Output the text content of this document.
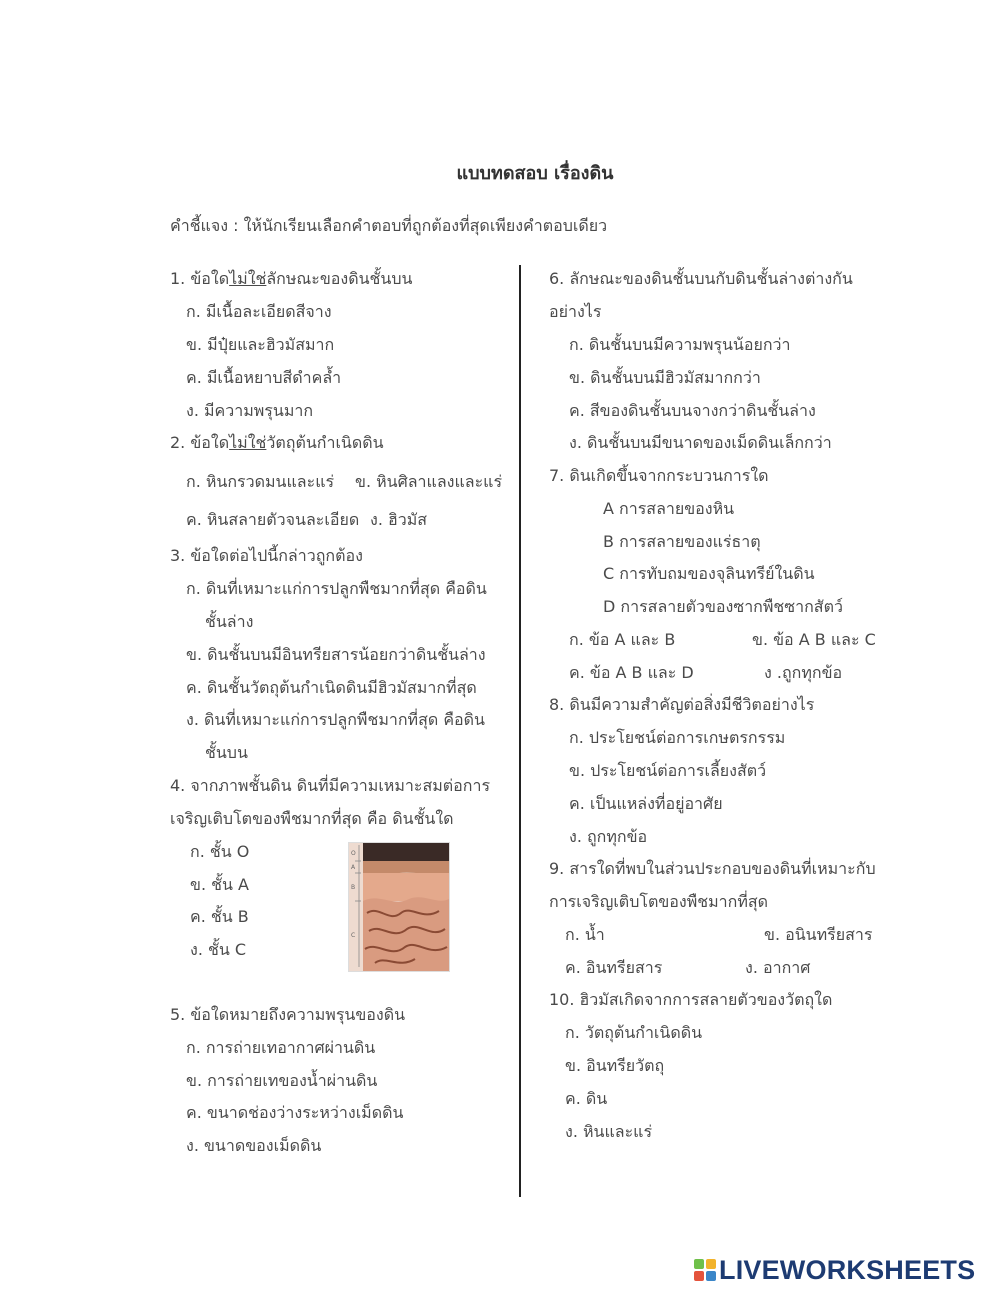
แบบทดสอบ เรื่องดิน
คำชี้แจง : ให้นักเรียนเลือกคำตอบที่ถูกต้องที่สุดเพียงคำตอบเดียว
1. ข้อใดไม่ใช่ลักษณะของดินชั้นบน
ก. มีเนื้อละเอียดสีจาง
ข. มีปุ๋ยและฮิวมัสมาก
ค. มีเนื้อหยาบสีดำคล้ำ
ง. มีความพรุนมาก
2. ข้อใดไม่ใช่วัตถุต้นกำเนิดดิน
ก. หินกรวดมนและแร่ ข. หินศิลาแลงและแร่
ค. หินสลายตัวจนละเอียด ง. ฮิวมัส
3. ข้อใดต่อไปนี้กล่าวถูกต้อง
ก. ดินที่เหมาะแก่การปลูกพืชมากที่สุด คือดิน
ชั้นล่าง
ข. ดินชั้นบนมีอินทรียสารน้อยกว่าดินชั้นล่าง
ค. ดินชั้นวัตถุต้นกำเนิดดินมีฮิวมัสมากที่สุด
ง. ดินที่เหมาะแก่การปลูกพืชมากที่สุด คือดิน
ชั้นบน
4. จากภาพชั้นดิน ดินที่มีความเหมาะสมต่อการ
เจริญเติบโตของพืชมากที่สุด คือ ดินชั้นใด
ก. ชั้น O
ข. ชั้น A
ค. ชั้น B
ง. ชั้น C
O
A
B
C
5. ข้อใดหมายถึงความพรุนของดิน
ก. การถ่ายเทอากาศผ่านดิน
ข. การถ่ายเทของน้ำผ่านดิน
ค. ขนาดช่องว่างระหว่างเม็ดดิน
ง. ขนาดของเม็ดดิน
6. ลักษณะของดินชั้นบนกับดินชั้นล่างต่างกัน
อย่างไร
ก. ดินชั้นบนมีความพรุนน้อยกว่า
ข. ดินชั้นบนมีฮิวมัสมากกว่า
ค. สีของดินชั้นบนจางกว่าดินชั้นล่าง
ง. ดินชั้นบนมีขนาดของเม็ดดินเล็กกว่า
7. ดินเกิดขึ้นจากกระบวนการใด
A การสลายของหิน
B การสลายของแร่ธาตุ
C การทับถมของจุลินทรีย์ในดิน
D การสลายตัวของซากพืชซากสัตว์
ก. ข้อ A และ B	ข. ข้อ A B และ C
ค. ข้อ A B และ D	ง .ถูกทุกข้อ
8. ดินมีความสำคัญต่อสิ่งมีชีวิตอย่างไร
ก. ประโยชน์ต่อการเกษตรกรรม
ข. ประโยชน์ต่อการเลี้ยงสัตว์
ค. เป็นแหล่งที่อยู่อาศัย
ง. ถูกทุกข้อ
9. สารใดที่พบในส่วนประกอบของดินที่เหมาะกับ
การเจริญเติบโตของพืชมากที่สุด
ก. น้ำ	ข. อนินทรียสาร
ค. อินทรียสาร	ง. อากาศ
10. ฮิวมัสเกิดจากการสลายตัวของวัตถุใด
ก. วัตถุต้นกำเนิดดิน
ข. อินทรียวัตถุ
ค. ดิน
ง. หินและแร่
LIVEWORKSHEETS
